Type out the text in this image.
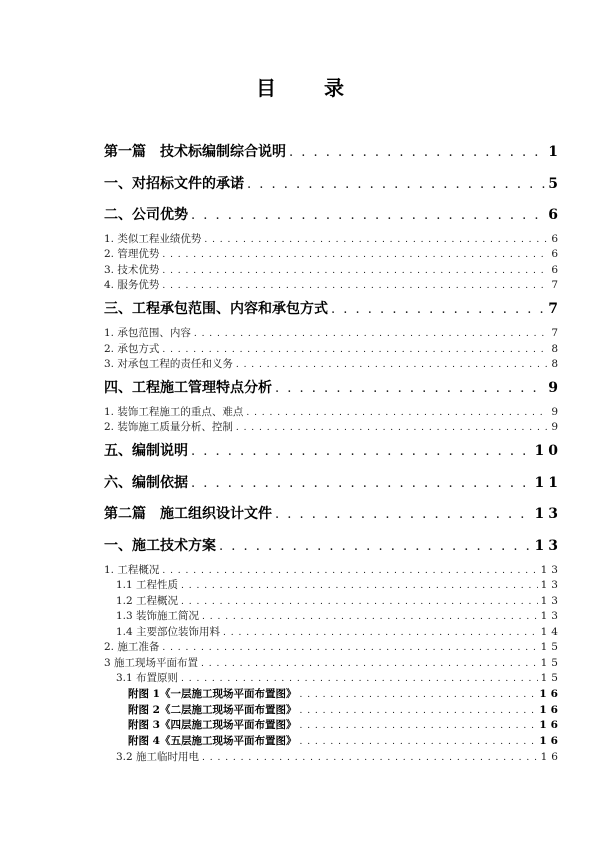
目录
第一篇　技术标编制综合说明 . . .	1
一、对招标文件的承诺 . . .	5
二、公司优势 . . .	6
1. 类似工程业绩优势 . . .	6
2. 管理优势 . . .	6
3. 技术优势 . . .	6
4. 服务优势 . . .	7
三、工程承包范围、内容和承包方式 . . .	7
1. 承包范围、内容 . . .	7
2. 承包方式 . . .	8
3. 对承包工程的责任和义务 . . .	8
四、工程施工管理特点分析 . . .	9
1. 装饰工程施工的重点、难点 . . .	9
2. 装饰施工质量分析、控制 . . .	9
五、编制说明 . . .	10
六、编制依据 . . .	11
第二篇　施工组织设计文件 . . .	13
一、施工技术方案 . . .	13
1. 工程概况 . . .	13
1.1 工程性质 . . .	13
1.2 工程概况 . . .	13
1.3 装饰施工简况 . . .	13
1.4 主要部位装饰用料 . . .	14
2. 施工准备 . . .	15
3 施工现场平面布置 . . .	15
3.1 布置原则 . . .	15
附图 1《一层施工现场平面布置图》 . . .	16
附图 2《二层施工现场平面布置图》 . . .	16
附图 3《四层施工现场平面布置图》 . . .	16
附图 4《五层施工现场平面布置图》 . . .	16
3.2 施工临时用电 . . .	16
